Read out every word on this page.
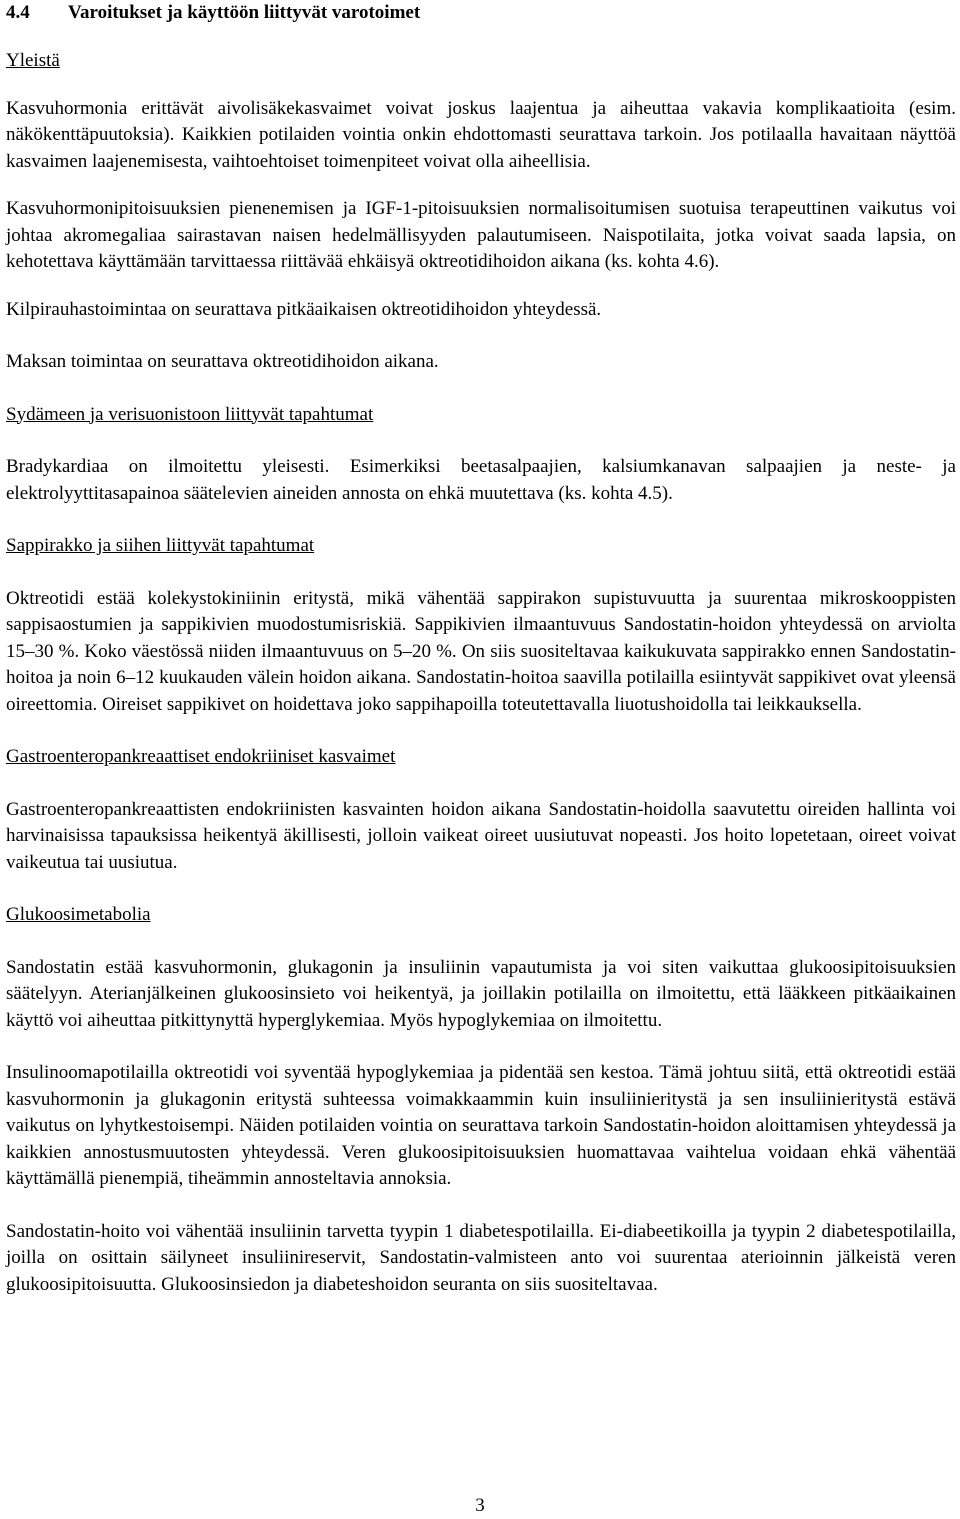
4.4	Varoitukset ja käyttöön liittyvät varotoimet
Yleistä

Kasvuhormonia erittävät aivolisäkekasvaimet voivat joskus laajentua ja aiheuttaa vakavia komplikaatioita (esim. näkökenttäpuutoksia). Kaikkien potilaiden vointia onkin ehdottomasti seurattava tarkoin. Jos potilaalla havaitaan näyttöä kasvaimen laajenemisesta, vaihtoehtoiset toimenpiteet voivat olla aiheellisia.

Kasvuhormonipitoisuuksien pienenemisen ja IGF-1-pitoisuuksien normalisoitumisen suotuisa terapeuttinen vaikutus voi johtaa akromegaliaa sairastavan naisen hedelmällisyyden palautumiseen. Naispotilaita, jotka voivat saada lapsia, on kehotettava käyttämään tarvittaessa riittävää ehkäisyä oktreotidihoidon aikana (ks. kohta 4.6).

Kilpirauhastoimintaa on seurattava pitkäaikaisen oktreotidihoidon yhteydessä.

Maksan toimintaa on seurattava oktreotidihoidon aikana.

Sydämeen ja verisuonistoon liittyvät tapahtumat

Bradykardiaa on ilmoitettu yleisesti. Esimerkiksi beetasalpaajien, kalsiumkanavan salpaajien ja neste- ja elektrolyyttitasapainoa säätelevien aineiden annosta on ehkä muutettava (ks. kohta 4.5).

Sappirakko ja siihen liittyvät tapahtumat

Oktreotidi estää kolekystokiniinin eritystä, mikä vähentää sappirakon supistuvuutta ja suurentaa mikroskooppisten sappisaostumien ja sappikivien muodostumisriskiä. Sappikivien ilmaantuvuus Sandostatin-hoidon yhteydessä on arviolta 15–30 %. Koko väestössä niiden ilmaantuvuus on 5–20 %. On siis suositeltavaa kaikukuvata sappirakko ennen Sandostatin-hoitoa ja noin 6–12 kuukauden välein hoidon aikana. Sandostatin-hoitoa saavilla potilailla esiintyvät sappikivet ovat yleensä oireettomia. Oireiset sappikivet on hoidettava joko sappihapoilla toteutettavalla liuotushoidolla tai leikkauksella.

Gastroenteropankreaattiset endokriiniset kasvaimet

Gastroenteropankreaattisten endokriinisten kasvainten hoidon aikana Sandostatin-hoidolla saavutettu oireiden hallinta voi harvinaisissa tapauksissa heikentyä äkillisesti, jolloin vaikeat oireet uusiutuvat nopeasti. Jos hoito lopetetaan, oireet voivat vaikeutua tai uusiutua.

Glukoosimetabolia

Sandostatin estää kasvuhormonin, glukagonin ja insuliinin vapautumista ja voi siten vaikuttaa glukoosipitoisuuksien säätelyyn. Aterianjälkeinen glukoosinsieto voi heikentyä, ja joillakin potilailla on ilmoitettu, että lääkkeen pitkäaikainen käyttö voi aiheuttaa pitkittynyttä hyperglykemiaa. Myös hypoglykemiaa on ilmoitettu.

Insulinoomapotilailla oktreotidi voi syventää hypoglykemiaa ja pidentää sen kestoa. Tämä johtuu siitä, että oktreotidi estää kasvuhormonin ja glukagonin eritystä suhteessa voimakkaammin kuin insuliinieritystä ja sen insuliinieritystä estävä vaikutus on lyhytkestoisempi. Näiden potilaiden vointia on seurattava tarkoin Sandostatin-hoidon aloittamisen yhteydessä ja kaikkien annostusmuutosten yhteydessä. Veren glukoosipitoisuuksien huomattavaa vaihtelua voidaan ehkä vähentää käyttämällä pienempiä, tiheämmin annosteltavia annoksia.

Sandostatin-hoito voi vähentää insuliinin tarvetta tyypin 1 diabetespotilailla. Ei-diabeetikoilla ja tyypin 2 diabetespotilailla, joilla on osittain säilyneet insuliinireservit, Sandostatin-valmisteen anto voi suurentaa aterioinnin jälkeistä veren glukoosipitoisuutta. Glukoosinsiedon ja diabeteshoidon seuranta on siis suositeltavaa.

3
